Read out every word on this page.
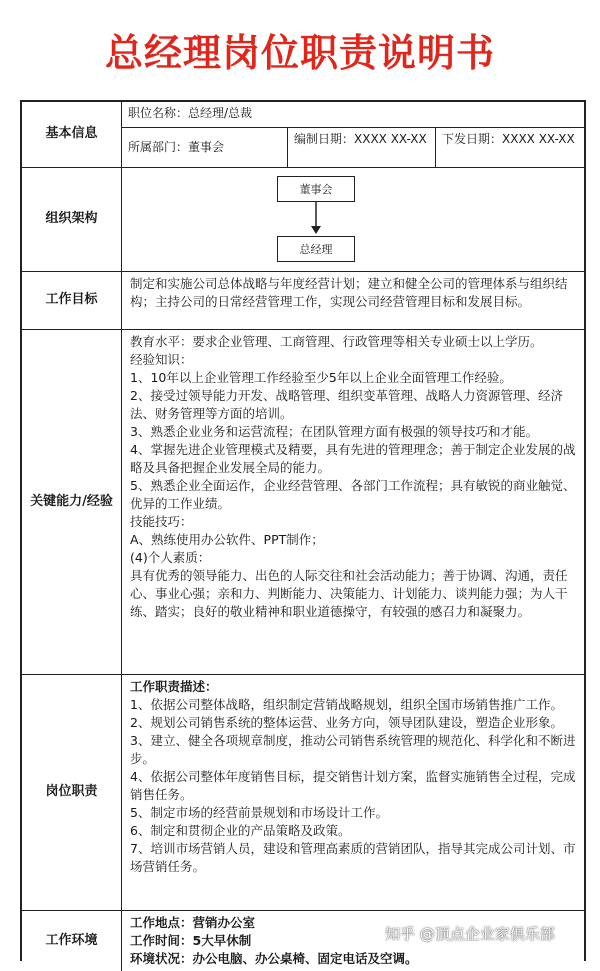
总经理岗位职责说明书
基本信息
职位名称：总经理/总裁
所属部门：董事会
编制日期：XXXX XX-XX	下发日期：XXXX XX-XX
组织架构
董事会
总经理
工作目标
制定和实施公司总体战略与年度经营计划；建立和健全公司的管理体系与组织结构；主持公司的日常经营管理工作，实现公司经营管理目标和发展目标。
关键能力/经验

教育水平：要求企业管理、工商管理、行政管理等相关专业硕士以上学历。

经验知识：

1、10年以上企业管理工作经验至少5年以上企业全面管理工作经验。

2、接受过领导能力开发、战略管理、组织变革管理、战略人力资源管理、经济法、财务管理等方面的培训。

3、熟悉企业业务和运营流程；在团队管理方面有极强的领导技巧和才能。

4、掌握先进企业管理模式及精要，具有先进的管理理念；善于制定企业发展的战略及具备把握企业发展全局的能力。

5、熟悉企业全面运作，企业经营管理、各部门工作流程；具有敏锐的商业触觉、优异的工作业绩。

技能技巧：

A、熟练使用办公软件、PPT制作；

(4)个人素质：

具有优秀的领导能力、出色的人际交往和社会活动能力；善于协调、沟通，责任心、事业心强；亲和力、判断能力、决策能力、计划能力、谈判能力强；为人干练、踏实；良好的敬业精神和职业道德操守，有较强的感召力和凝聚力。

岗位职责

工作职责描述：

1、依据公司整体战略，组织制定营销战略规划，组织全国市场销售推广工作。

2、规划公司销售系统的整体运营、业务方向，领导团队建设，塑造企业形象。

3、建立、健全各项规章制度，推动公司销售系统管理的规范化、科学化和不断进步。

4、依据公司整体年度销售目标，提交销售计划方案，监督实施销售全过程，完成销售任务。

5、制定市场的经营前景规划和市场设计工作。

6、制定和贯彻企业的产品策略及政策。

7、培训市场营销人员，建设和管理高素质的营销团队，指导其完成公司计划、市场营销任务。

工作环境

工作地点：营销办公室

工作时间：5大早休制

环境状况：办公电脑、办公桌椅、固定电话及空调。

知乎 @顶点企业家俱乐部
